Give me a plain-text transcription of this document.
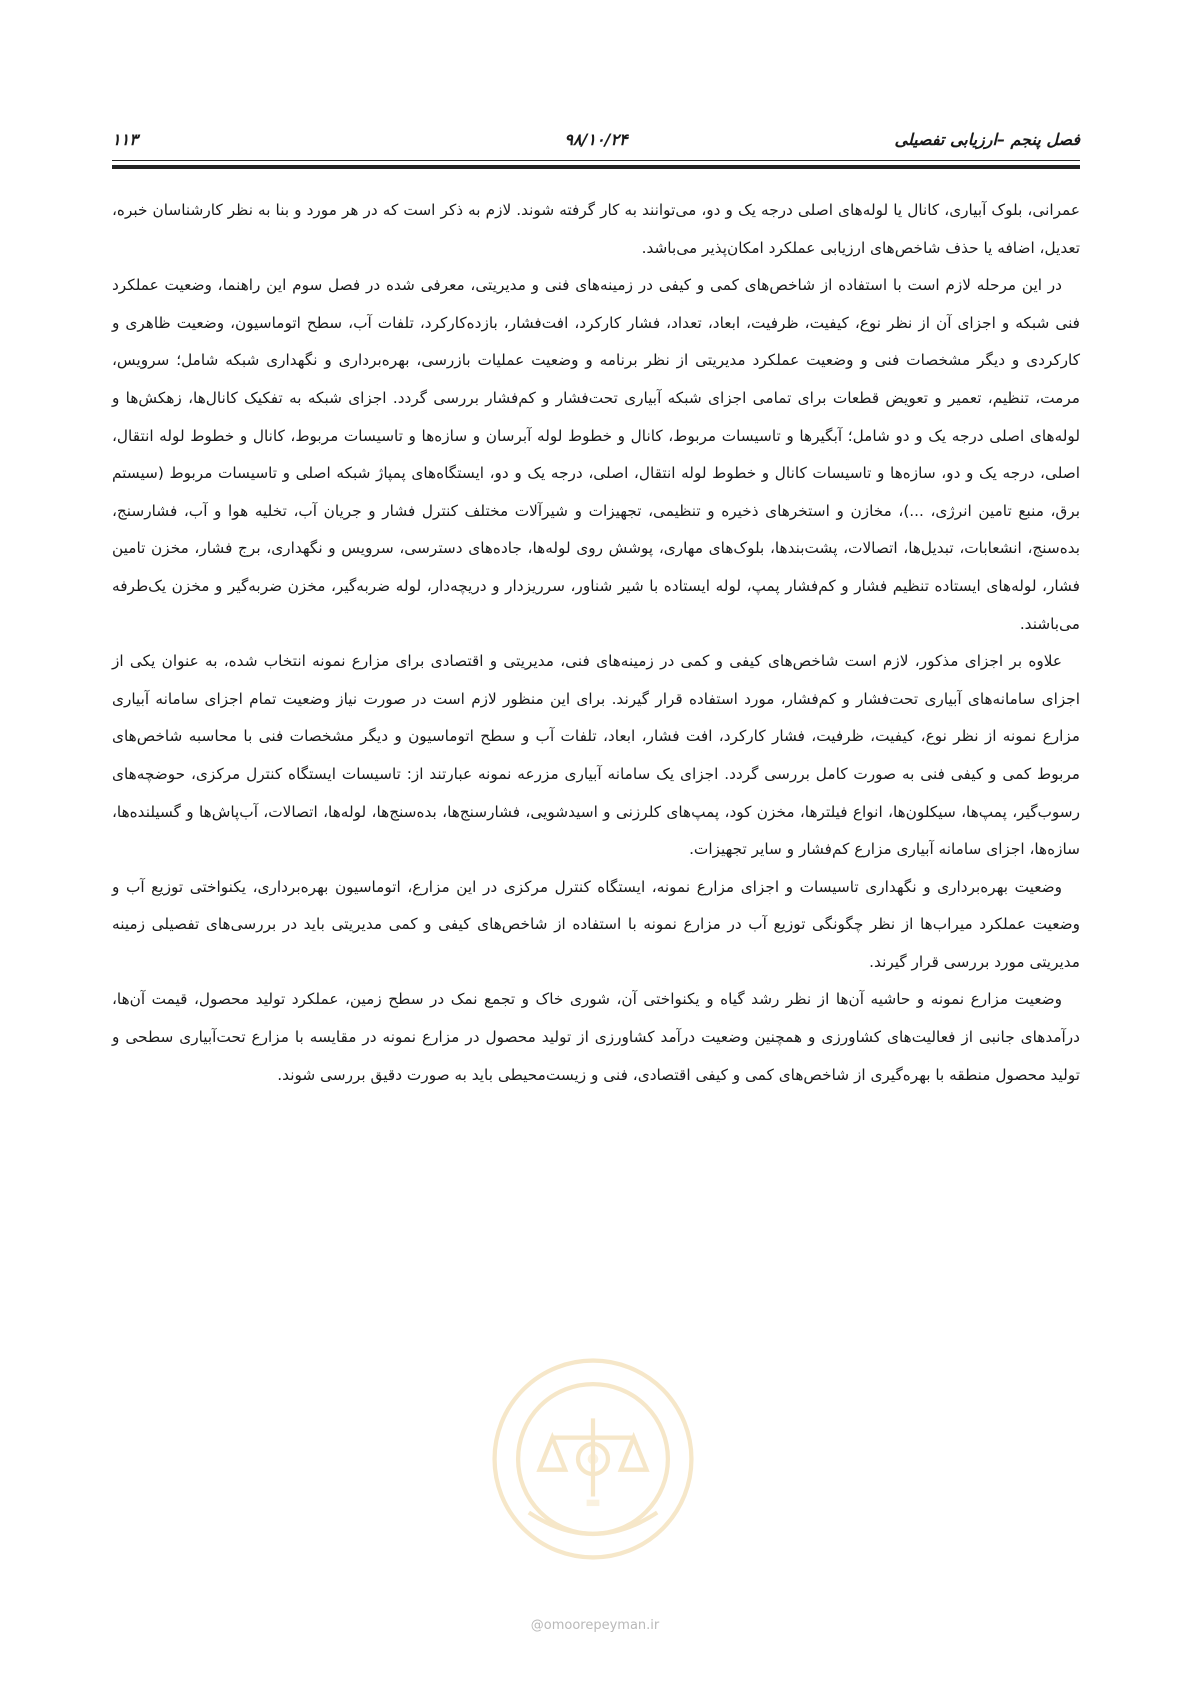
فصل پنجم –ارزیابی تفصیلی
۹۸/۱۰/۲۴
۱۱۳

عمرانی، بلوک آبیاری، کانال یا لوله‌های اصلی درجه یک و دو، می‌توانند به کار گرفته شوند. لازم به ذکر است که در هر مورد و بنا به نظر کارشناسان خبره، تعدیل، اضافه یا حذف شاخص‌های ارزیابی عملکرد امکان‌پذیر می‌باشد.

در این مرحله لازم است با استفاده از شاخص‌های کمی و کیفی در زمینه‌های فنی و مدیریتی، معرفی شده در فصل سوم این راهنما، وضعیت عملکرد فنی شبکه و اجزای آن از نظر نوع، کیفیت، ظرفیت، ابعاد، تعداد، فشار کارکرد، افت‌فشار، بازده‌کارکرد، تلفات آب، سطح اتوماسیون، وضعیت ظاهری و کارکردی و دیگر مشخصات فنی و وضعیت عملکرد مدیریتی از نظر برنامه و وضعیت عملیات بازرسی، بهره‌برداری و نگهداری شبکه شامل؛ سرویس، مرمت، تنظیم، تعمیر و تعویض قطعات برای تمامی اجزای شبکه آبیاری تحت‌فشار و کم‌فشار بررسی گردد. اجزای شبکه به تفکیک کانال‌ها، زهکش‌ها و لوله‌های اصلی درجه یک و دو شامل؛ آبگیرها و تاسیسات مربوط، کانال و خطوط لوله آبرسان و سازه‌ها و تاسیسات مربوط، کانال و خطوط لوله انتقال، اصلی، درجه یک و دو، سازه‌ها و تاسیسات کانال و خطوط لوله انتقال، اصلی، درجه یک و دو، ایستگاه‌های پمپاژ شبکه اصلی و تاسیسات مربوط (سیستم برق، منبع تامین انرژی، ...)، مخازن و استخرهای ذخیره و تنظیمی، تجهیزات و شیرآلات مختلف کنترل فشار و جریان آب، تخلیه هوا و آب، فشارسنج، بده‌سنج، انشعابات، تبدیل‌ها، اتصالات، پشت‌بندها، بلوک‌های مهاری، پوشش روی لوله‌ها، جاده‌های دسترسی، سرویس و نگهداری، برج فشار، مخزن تامین فشار، لوله‌های ایستاده تنظیم فشار و کم‌فشار پمپ، لوله ایستاده با شیر شناور، سرریزدار و دریچه‌دار، لوله ضربه‌گیر، مخزن ضربه‌گیر و مخزن یک‌طرفه می‌باشند.

علاوه بر اجزای مذکور، لازم است شاخص‌های کیفی و کمی در زمینه‌های فنی، مدیریتی و اقتصادی برای مزارع نمونه انتخاب شده، به عنوان یکی از اجزای سامانه‌های آبیاری تحت‌فشار و کم‌فشار، مورد استفاده قرار گیرند. برای این منظور لازم است در صورت نیاز وضعیت تمام اجزای سامانه آبیاری مزارع نمونه از نظر نوع، کیفیت، ظرفیت، فشار کارکرد، افت فشار، ابعاد، تلفات آب و سطح اتوماسیون و دیگر مشخصات فنی با محاسبه شاخص‌های مربوط کمی و کیفی فنی به صورت کامل بررسی گردد. اجزای یک سامانه آبیاری مزرعه نمونه عبارتند از: تاسیسات ایستگاه کنترل مرکزی، حوضچه‌های رسوب‌گیر، پمپ‌ها، سیکلون‌ها، انواع فیلترها، مخزن کود، پمپ‌های کلرزنی و اسیدشویی، فشارسنج‌ها، بده‌سنج‌ها، لوله‌ها، اتصالات، آب‌پاش‌ها و گسیلنده‌ها، سازه‌ها، اجزای سامانه آبیاری مزارع کم‌فشار و سایر تجهیزات.

وضعیت بهره‌برداری و نگهداری تاسیسات و اجزای مزارع نمونه، ایستگاه کنترل مرکزی در این مزارع، اتوماسیون بهره‌برداری، یکنواختی توزیع آب و وضعیت عملکرد میراب‌ها از نظر چگونگی توزیع آب در مزارع نمونه با استفاده از شاخص‌های کیفی و کمی مدیریتی باید در بررسی‌های تفصیلی زمینه مدیریتی مورد بررسی قرار گیرند.

وضعیت مزارع نمونه و حاشیه آن‌ها از نظر رشد گیاه و یکنواختی آن، شوری خاک و تجمع نمک در سطح زمین، عملکرد تولید محصول، قیمت آن‌ها، درآمدهای جانبی از فعالیت‌های کشاورزی و همچنین وضعیت درآمد کشاورزی از تولید محصول در مزارع نمونه در مقایسه با مزارع تحت‌آبیاری سطحی و تولید محصول منطقه با بهره‌گیری از شاخص‌های کمی و کیفی اقتصادی، فنی و زیست‌محیطی باید به صورت دقیق بررسی شوند.

@omoorepeyman.ir
